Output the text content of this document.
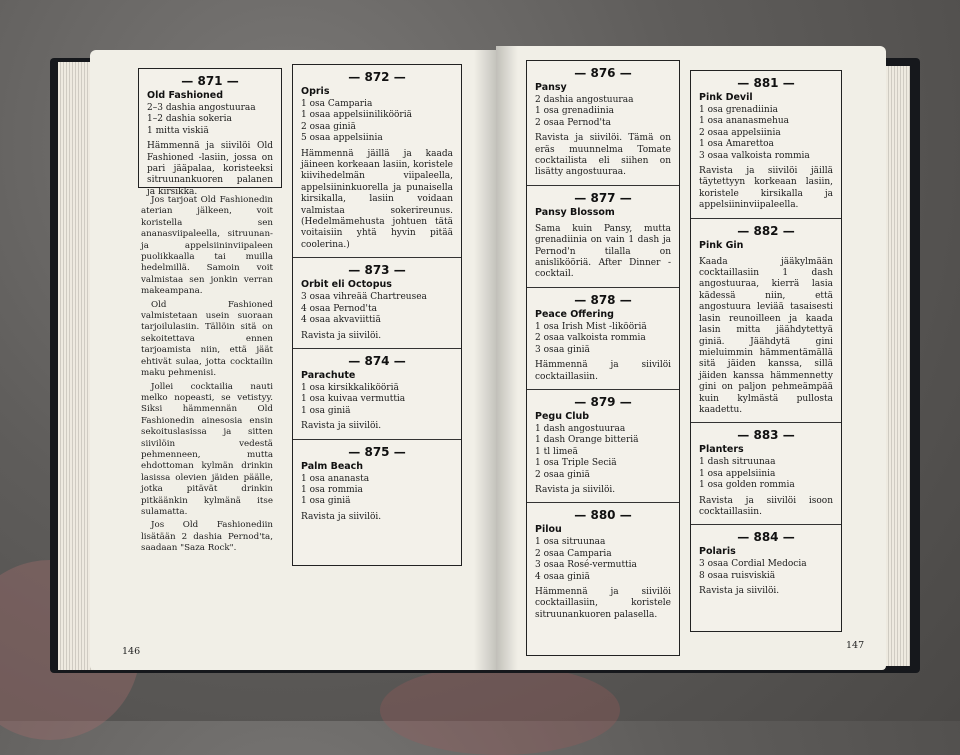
— 871 —
Old Fashioned
2–3 dashia angostuuraa
1–2 dashia sokeria
1 mitta viskiä
Hämmennä ja siivilöi Old Fashioned -lasiin, jossa on pari jääpalaa, koristeeksi sitruunankuoren palanen ja kirsikka.

Jos tarjoat Old Fashionedin aterian jälkeen, voit koristella sen ananasviipaleella, sitruunan- ja appelsiininviipaleen puolikkaalla tai muilla hedelmillä. Samoin voit valmistaa sen jonkin verran makeampana.

Old Fashioned valmistetaan usein suoraan tarjoilulasiin. Tällöin sitä on sekoitettava ennen tarjoamista niin, että jäät ehtivät sulaa, jotta cocktailin maku pehmenisi.

Jollei cocktailia nauti melko nopeasti, se vetistyy. Siksi hämmennän Old Fashionedin ainesosia ensin sekoituslasissa ja sitten siivilöin vedestä pehmenneen, mutta ehdottoman kylmän drinkin lasissa olevien jäiden päälle, jotka pitävät drinkin pitkäänkin kylmänä itse sulamatta.

Jos Old Fashionediin lisätään 2 dashia Pernod'ta, saadaan "Saza Rock".

— 872 —
Opris
1 osa Camparia
1 osaa appelsiinilikööriä
2 osaa giniä
5 osaa appelsiinia
Hämmennä jäillä ja kaada jäineen korkeaan lasiin, koristele kiivihedelmän viipaleella, appelsiininkuorella ja punaisella kirsikalla, lasiin voidaan valmistaa sokerireunus. (Hedelmämehusta johtuen tätä voitaisiin yhtä hyvin pitää coolerina.)
— 873 —
Orbit eli Octopus
3 osaa vihreää Chartreusea
4 osaa Pernod'ta
4 osaa akvaviittiä
Ravista ja siivilöi.
— 874 —
Parachute
1 osa kirsikkalikööriä
1 osa kuivaa vermuttia
1 osa giniä
Ravista ja siivilöi.
— 875 —
Palm Beach
1 osa ananasta
1 osa rommia
1 osa giniä
Ravista ja siivilöi.
146
— 876 —
Pansy
2 dashia angostuuraa
1 osa grenadiinia
2 osaa Pernod'ta
Ravista ja siivilöi. Tämä on eräs muunnelma Tomate cocktailista eli siihen on lisätty angostuuraa.
— 877 —
Pansy Blossom
Sama kuin Pansy, mutta grenadiinia on vain 1 dash ja Pernod'n tilalla on anislikööriä. After Dinner -cocktail.
— 878 —
Peace Offering
1 osa Irish Mist -likööriä
2 osaa valkoista rommia
3 osaa giniä
Hämmennä ja siivilöi cocktaillasiin.
— 879 —
Pegu Club
1 dash angostuuraa
1 dash Orange bitteriä
1 tl limeä
1 osa Triple Seciä
2 osaa giniä
Ravista ja siivilöi.
— 880 —
Pilou
1 osa sitruunaa
2 osaa Camparia
3 osaa Rosé-vermuttia
4 osaa giniä
Hämmennä ja siivilöi cocktaillasiin, koristele sitruunankuoren palasella.
— 881 —
Pink Devil
1 osa grenadiinia
1 osa ananasmehua
2 osaa appelsiinia
1 osa Amarettoa
3 osaa valkoista rommia
Ravista ja siivilöi jäillä täytettyyn korkeaan lasiin, koristele kirsikalla ja appelsiininviipaleella.
— 882 —
Pink Gin
Kaada jääkylmään cocktaillasiin 1 dash angostuuraa, kierrä lasia kädessä niin, että angostuura leviää tasaisesti lasin reunoilleen ja kaada lasin mitta jäähdytettyä giniä. Jäähdytä gini mieluimmin hämmentämällä sitä jäiden kanssa, sillä jäiden kanssa hämmennetty gini on paljon pehmeämpää kuin kylmästä pullosta kaadettu.
— 883 —
Planters
1 dash sitruunaa
1 osa appelsiinia
1 osa golden rommia
Ravista ja siivilöi isoon cocktaillasiin.
— 884 —
Polaris
3 osaa Cordial Medocia
8 osaa ruisviskiä
Ravista ja siivilöi.
147
